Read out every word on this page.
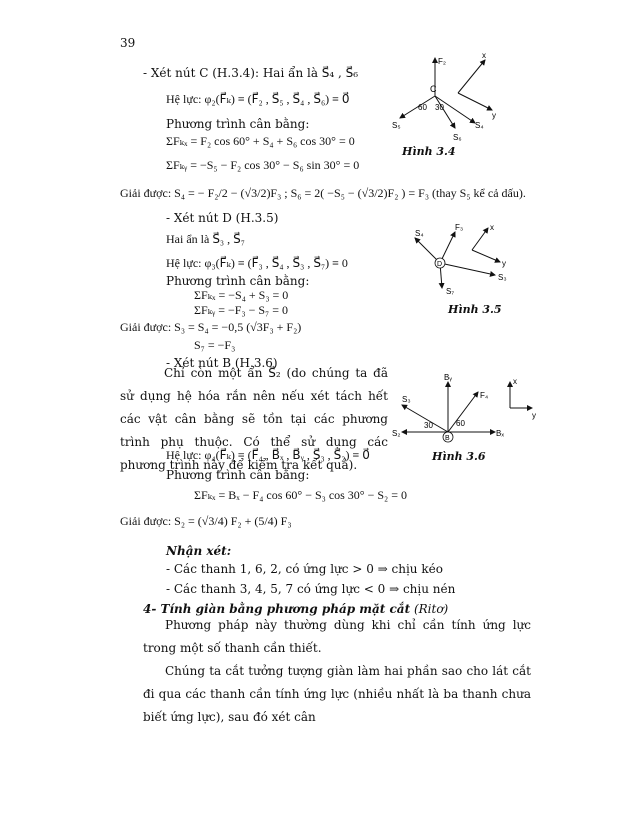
39
- Xét nút C (H.3.4): Hai ẩn là S⃗₄ , S⃗₆
Hệ lực: φ₂(F⃗ₖ) ≡ (F⃗₂ , S⃗₅ , S⃗₄ , S⃗₆) ≡ 0⃗
Phương trình cân bằng:
ΣFₖₓ = F₂ cos 60° + S₄ + S₆ cos 30° = 0
ΣFₖᵧ = −S₅ − F₂ cos 30° − S₆ sin 30° = 0
Giải được: S₄ = − F₂/2 − (√3/2)F₃ ; S₆ = 2( −S₅ − (√3/2)F₂ ) = F₃ (thay S₅ kể cả dấu).
C
F₂
S₅	S₄
S₆
x
y
60 30
Hình 3.4
- Xét nút D (H.3.5)
Hai ẩn là S⃗₃ , S⃗₇
Hệ lực: φ₃(F⃗ₖ) ≡ (F⃗₃ , S⃗₄ , S⃗₃ , S⃗₇) ≡ 0
Phương trình cân bằng:
ΣFₖₓ = −S₄ + S₃ = 0
ΣFₖᵧ = −F₃ − S₇ = 0
Giải được: S₃ = S₄ = −0,5 (√3F₃ + F₂)
S₇ = −F₃
D
S₄
F₃
S₃
S₇
x
y
Hình 3.5
- Xét nút B (H.3.6)
Chỉ còn một ẩn S⃗₂ (do chúng ta đã sử dụng hệ hóa rắn nên nếu xét tách hết các vật cân bằng sẽ tồn tại các phương trình phụ thuộc. Có thể sử dụng các phương trình này để kiểm tra kết quả).
Hệ lực: φ₄(F⃗ₖ) ≡ (F⃗₄ , B⃗ₓ , B⃗ᵧ , S⃗₃ , S⃗₂) ≡ 0⃗
Phương trình cân bằng:
ΣFₖₓ = Bₓ − F₄ cos 60° − S₃ cos 30° − S₂ = 0
Giải được: S₂ = (√3/4) F₂ + (5/4) F₃
B
Bᵧ
F₄
S₃
S₂	Bₓ
x
y
30	60
Hình 3.6
Nhận xét:
- Các thanh 1, 6, 2, có ứng lực > 0 ⇒ chịu kéo
- Các thanh 3, 4, 5, 7 có ứng lực < 0 ⇒ chịu nén
4- Tính giàn bằng phương pháp mặt cắt (Ritơ)
Phương pháp này thường dùng khi chỉ cần tính ứng lực trong một số thanh cần thiết.
Chúng ta cắt tưởng tượng giàn làm hai phần sao cho lát cắt đi qua các thanh cần tính ứng lực (nhiều nhất là ba thanh chưa biết ứng lực), sau đó xét cân
